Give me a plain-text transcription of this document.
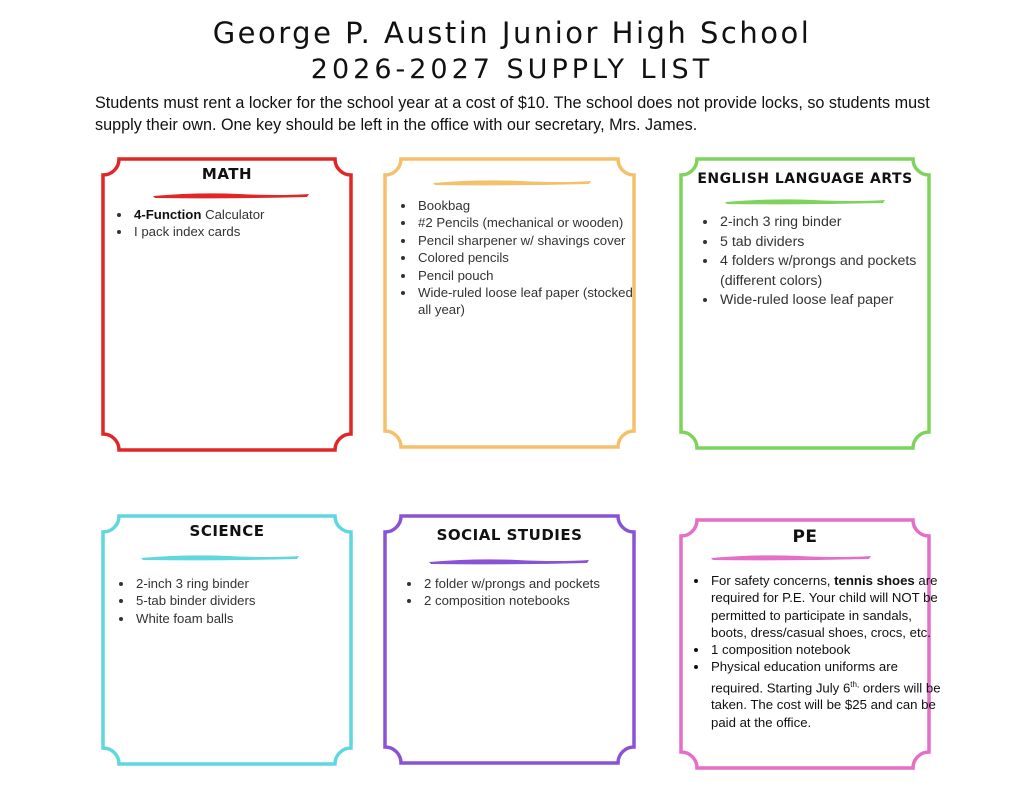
George P. Austin Junior High School
2026-2027 SUPPLY LIST
Students must rent a locker for the school year at a cost of $10. The school does not provide locks, so students must supply their own. One key should be left in the office with our secretary, Mrs. James.
MATH
• 4-Function Calculator
• I pack index cards
• Bookbag
• #2 Pencils (mechanical or wooden)
• Pencil sharpener w/ shavings cover
• Colored pencils
• Pencil pouch
• Wide-ruled loose leaf paper (stocked all year)
ENGLISH LANGUAGE ARTS
• 2-inch 3 ring binder
• 5 tab dividers
• 4 folders w/prongs and pockets (different colors)
• Wide-ruled loose leaf paper
SCIENCE
• 2-inch 3 ring binder
• 5-tab binder dividers
• White foam balls
SOCIAL STUDIES
• 2 folder w/prongs and pockets
• 2 composition notebooks
PE
• For safety concerns, tennis shoes are required for P.E. Your child will NOT be permitted to participate in sandals, boots, dress/casual shoes, crocs, etc.
• 1 composition notebook
• Physical education uniforms are required. Starting July $6^{th,}$ orders will be taken. The cost will be $25 and can be paid at the office.
